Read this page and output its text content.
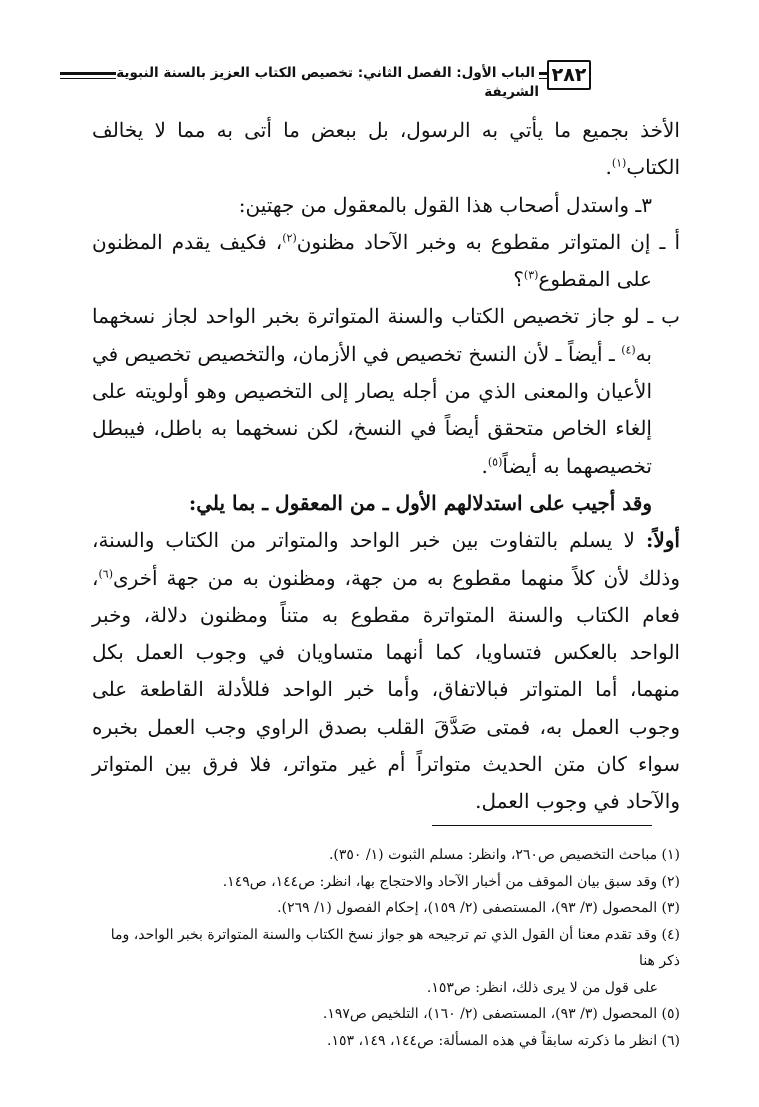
٢٨٢
الباب الأول: الفصل الثاني: تخصيص الكتاب العزيز بالسنة النبوية الشريفة

الأخذ بجميع ما يأتي به الرسول، بل ببعض ما أتى به مما لا يخالف الكتاب$^{(١)}$.

٣ـ واستدل أصحاب هذا القول بالمعقول من جهتين:

أ ـ إن المتواتر مقطوع به وخبر الآحاد مظنون$^{(٢)}$، فكيف يقدم المظنون على المقطوع$^{(٣)}$؟

ب ـ لو جاز تخصيص الكتاب والسنة المتواترة بخبر الواحد لجاز نسخهما به$^{(٤)}$ ـ أيضاً ـ لأن النسخ تخصيص في الأزمان، والتخصيص تخصيص في الأعيان والمعنى الذي من أجله يصار إلى التخصيص وهو أولويته على إلغاء الخاص متحقق أيضاً في النسخ، لكن نسخهما به باطل، فيبطل تخصيصهما به أيضاً$^{(٥)}$.

وقد أجيب على استدلالهم الأول ـ من المعقول ـ بما يلي:

أولاً: لا يسلم بالتفاوت بين خبر الواحد والمتواتر من الكتاب والسنة، وذلك لأن كلاً منهما مقطوع به من جهة، ومظنون به من جهة أخرى$^{(٦)}$، فعام الكتاب والسنة المتواترة مقطوع به متناً ومظنون دلالة، وخبر الواحد بالعكس فتساويا، كما أنهما متساويان في وجوب العمل بكل منهما، أما المتواتر فبالاتفاق، وأما خبر الواحد فللأدلة القاطعة على وجوب العمل به، فمتى صَدَّقَ القلب بصدق الراوي وجب العمل بخبره سواء كان متن الحديث متواتراً أم غير متواتر، فلا فرق بين المتواتر والآحاد في وجوب العمل.

(١) مباحث التخصيص ص٢٦٠، وانظر: مسلم الثبوت (١/ ٣٥٠).

(٢) وقد سبق بيان الموقف من أخبار الآحاد والاحتجاج بها، انظر: ص١٤٤، ص١٤٩.

(٣) المحصول (٣/ ٩٣)، المستصفى (٢/ ١٥٩)، إحكام الفصول (١/ ٢٦٩).

(٤) وقد تقدم معنا أن القول الذي تم ترجيحه هو جواز نسخ الكتاب والسنة المتواترة بخبر الواحد، وما ذكر هنا

على قول من لا يرى ذلك، انظر: ص١٥٣.

(٥) المحصول (٣/ ٩٣)، المستصفى (٢/ ١٦٠)، التلخيص ص١٩٧.

(٦) انظر ما ذكرته سابقاً في هذه المسألة: ص١٤٤، ١٤٩، ١٥٣.
